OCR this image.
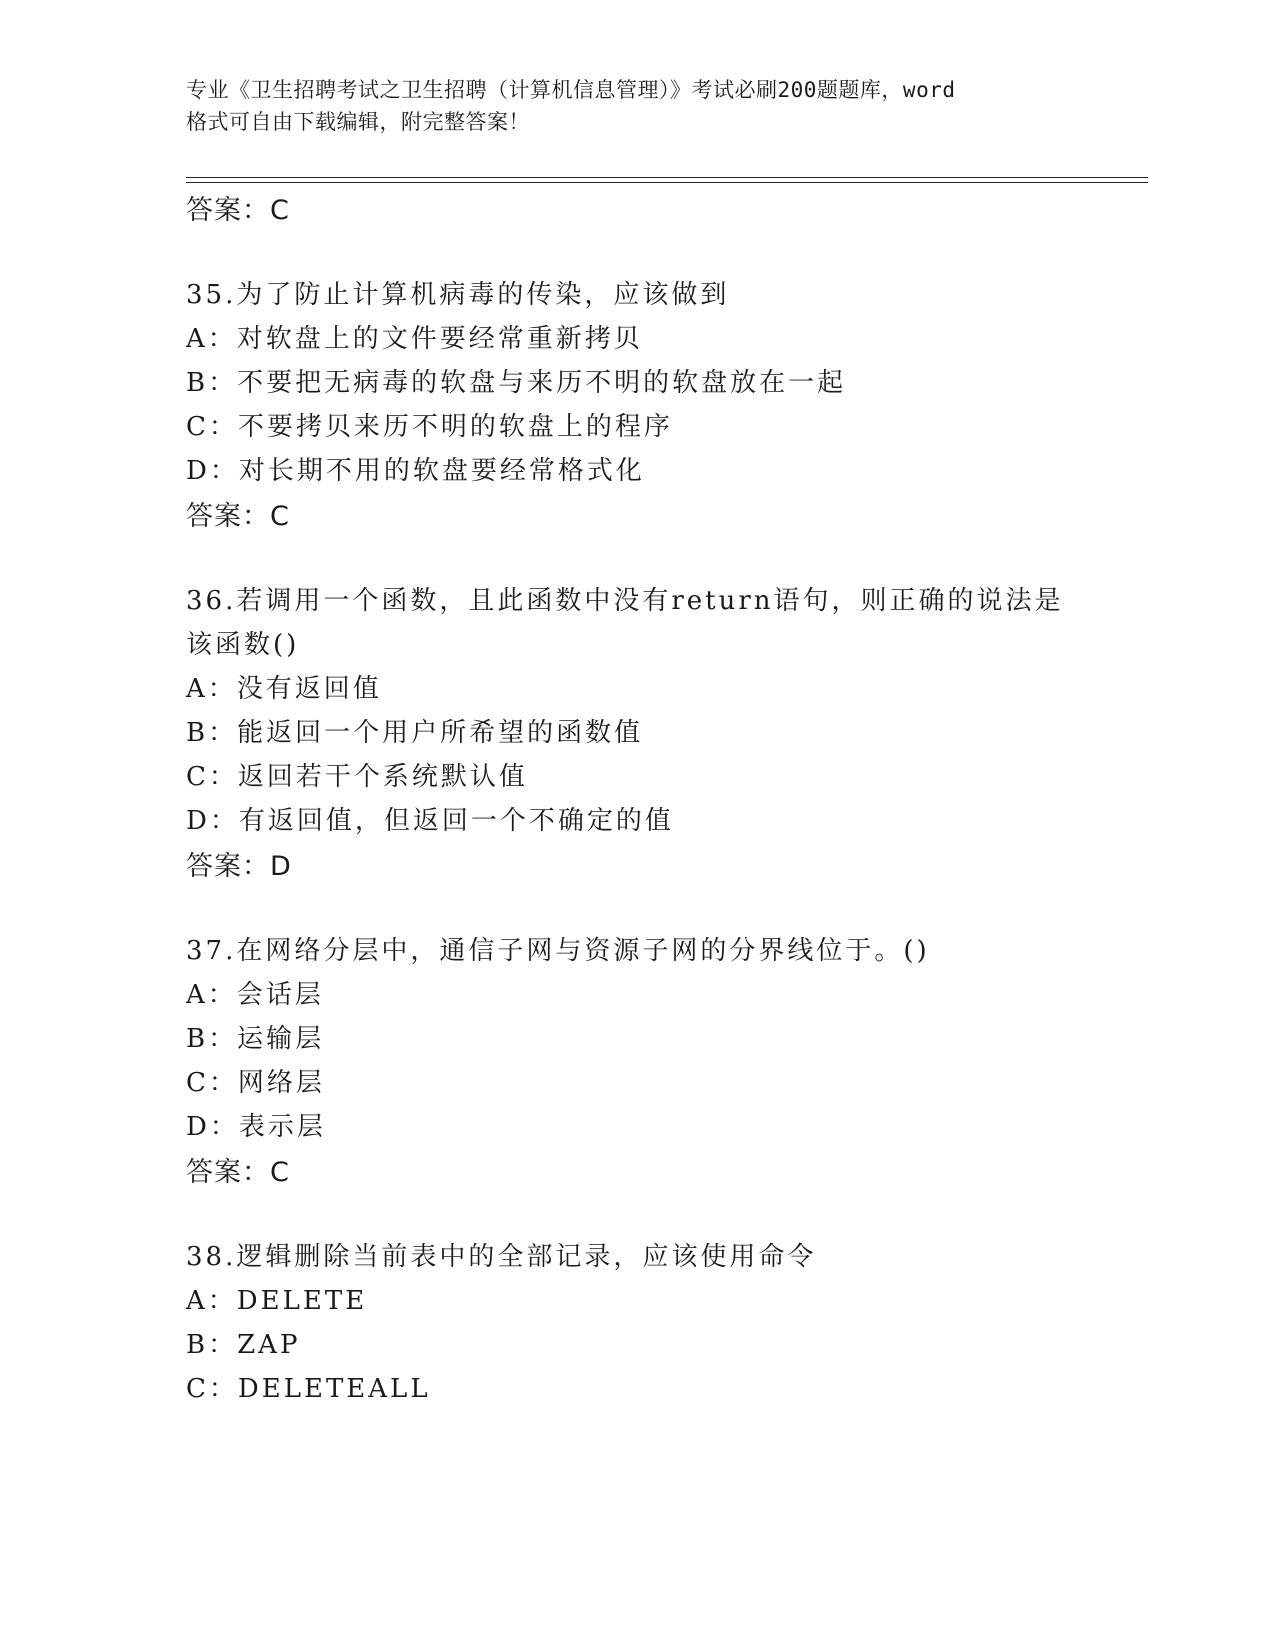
专业《卫生招聘考试之卫生招聘（计算机信息管理）》考试必刷200题题库，word
格式可自由下载编辑，附完整答案！
答案：C
35.为了防止计算机病毒的传染，应该做到
A：对软盘上的文件要经常重新拷贝
B：不要把无病毒的软盘与来历不明的软盘放在一起
C：不要拷贝来历不明的软盘上的程序
D：对长期不用的软盘要经常格式化
答案：C
36.若调用一个函数，且此函数中没有return语句，则正确的说法是
该函数()
A：没有返回值
B：能返回一个用户所希望的函数值
C：返回若干个系统默认值
D：有返回值，但返回一个不确定的值
答案：D
37.在网络分层中，通信子网与资源子网的分界线位于。()
A：会话层
B：运输层
C：网络层
D：表示层
答案：C
38.逻辑删除当前表中的全部记录，应该使用命令
A：DELETE
B：ZAP
C：DELETEALL
